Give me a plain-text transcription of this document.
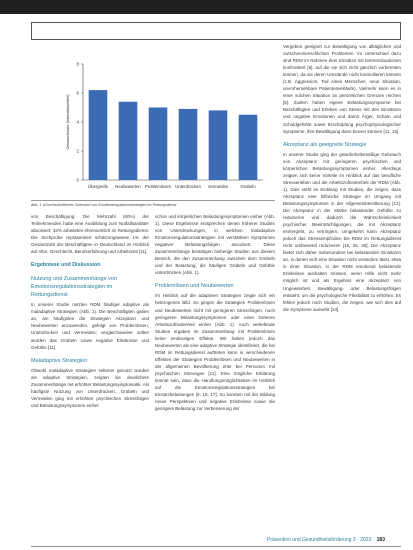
0
2
4
6
8
Gebrauchsrate (Intensitätsmittel)
Übergreife Neubewerten Problemlösen Unterdrücken Vermeiden	Grübeln
Abb. 1 ◂ Durchschnittlicher Gebrauch von Emotionsregulationsstrategien im Rettungsdienst

von Beschäftigung. Die Mehrzahl (60%) der Teilnehmenden hatte eine Ausbildung zum Notfallsanitäter absolviert; 32% arbeiteten ehrenamtlich im Rettungsdienst. Die Stichprobe repräsentiert schätzungsweise 1% der Gesamtzahl der Beschäftigten in Deutschland im Hinblick auf Alter, Geschlecht, Berufserfahrung und Arbeitszeit [11].

Ergebnisse und Diskussion

Nutzung und Zusammenhänge von Emotionsregulationsstrategien im Rettungsdienst

In unserer Studie nutzten RDM häufiger adaptive als maladaptive Strategien (Abb. 1). Die Beschäftigten gaben an, am häufigsten die Strategien Akzeptanz und Neubewerten anzuwenden, gefolgt von Problemlösen, Unterdrücken und Vermeiden; vergleichsweise selten wurden das Grübeln sowie negative Erlebnisse und Gefühle [11].

Maladaptive Strategien

Obwohl maladaptive Strategien seltener genutzt wurden als adaptive Strategien, zeigten sie deutlichere Zusammenhänge mit erhöhter Belastungssymptomatik. Als häufigste Nutzung von Unterdrücken, Grübeln und Vermeiden ging mit erhöhten psychischen Stressfolgen und Belastungssymptomen einher

schon und körperlichen Belastungssymptomen einher (Abb. 1). Diese Ergebnisse entsprechen denen früherer Studien von Unterdrückungen, in welchen maladaptive Emotionsregulationsstrategien mit verstärkten Symptomen negativer Belastungsfolgen assoziiert. Diese Zusammenhänge bestätigen bisherige Studien aus diesem Bereich, die den Zusammenhang zwischen dem Grübeln und der Belastung, die häufigen Grübeln und Gefühle unterdrücken (Abb. 1).

Problemlösen und Neubewerten

Im Hinblick auf die adaptiven Strategien zeigte sich ein heterogenes Bild. So gingen die Strategien Problemlösen und Neubewerten nicht mit geringeren Stressfolgen, noch geringeren Belastungssymptomen oder einer höheren Arbeitszufriedenheit einher (Abb. 1). Auch vertiefende Studien ergaben im Zusammenhang mit Problemlösen keine eindeutigen Effekte. Wir haben jedoch das Neubewerten als eine adaptive Strategie identifiziert, die bei RDM im Rettungsdienst auftreten kann in verschiedenen Effekten der Strategien Problemlösen und Neubewerten in der allgemeinen Bevölkerung eher bei Personen mit psychischen Störungen [11]. Eine mögliche Erklärung könnte sein, dass die Handlungsmöglichkeiten im Hinblick auf die Emotionsregulationsstrategien bei Einsatzbelastungen [6, 15, 17]. So konnten mit der Bildung neuer Perspektiven und negative Erlebnisse sowie die geringere Belastung zur Verbesserung der

Vergeben geeignet zur Bewältigung von alltäglichen und zwischenmenschlichen Problemen. Im Unterschied dazu sind RDM im Rahmen ihrer Einsätze mit Extremsituationen konfrontiert [6], auf die sie sich nicht gänzlich vorbereiten können, da sie deren Umstände nicht kontrollieren können (z.B. Aggression, Tod eines Menschen, neue Situation, unvorhersehbare Patientenverläufe). Vielmehr kann es in einer solchen Situation an persönlichen Grenzen reichen [5]. Zudem haben eigene Belastungssymptome bei Beschäftigten und Erleben von Stress mit den Einsätzen und negative Emotionen und damit Ärger, Scham und Schuldgefühle sowie Erschöpfung psychophysiologischer Symptome, ihre Bewältigung dann besser können [11, 15].

Akzeptanz als geeignete Strategie

In unserer Studie ging der gewohnheitsmäßige Gebrauch von Akzeptanz mit geringeren psychischen und körperlichen Belastungssymptomen einher. Allerdings zeigten sich keine Vorteile im Hinblick auf das berufliche Stresserleben und die Arbeitszufriedenheit der RDM (Abb. 1). Dies steht im Einklang mit Studien, die zeigen, dass Akzeptanz eine hilfreiche Strategie im Umgang mit Belastungssymptomen in der Allgemeinbevölkerung [12]. Die Akzeptanz in der Stärke belastender Gefühle zu reduzieren und dadurch die Wahrscheinlichkeit psychischer Beeinträchtigungen, die mit Akzeptanz einhergeht, zu verringern. Umgekehrt kann Akzeptanz jedoch das Stressempfinden bei RDM im Rettungsdienst nicht umfassend reduzieren [15, 25, 28]. Die Akzeptanz bietet sich daher insbesondere bei belastenden Einsätzen an, in denen sich eine Situation nicht verändern lässt, etwa in einer Situation, in der RDM emotional belastende Erlebnisse aushalten müssen, wenn Hilfe nicht mehr möglich ist und als Ergebnis eine Akzeptanz von Ungewissheit, Bewältigung- oder Belastungsfolgen entsteht, um die psychologische Flexibilität zu erhöhen. Es fehlen jedoch noch Studien, die zeigen, wie sich dies auf die Symptome auswirkt [13].

Prävention und Gesundheitsförderung 3 · 2023 183
